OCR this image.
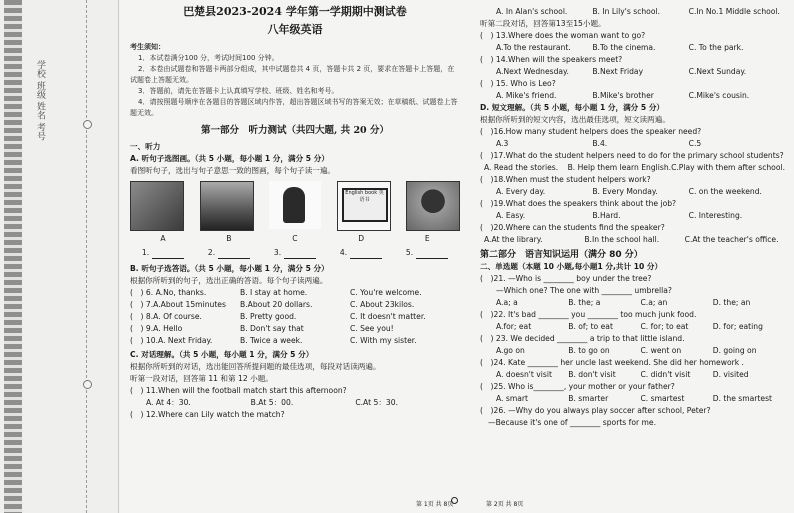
学校 班级 姓名 考号
巴楚县2023-2024 学年第一学期期中测试卷
八年级英语
考生须知：
1．本试卷满分100 分，考试时间100 分钟。
2．本卷由试题卷和答题卡两部分组成，其中试题卷共 4 页，答题卡共 2 页，要求在答题卡上答题，在
试题卷上答题无效。
3．答题前，请先在答题卡上认真填写学校、班级、姓名和考号。
4．请按照题号顺序在各题目的答题区域内作答，超出答题区域书写的答案无效；在草稿纸、试题卷上答
题无效。
第一部分　听力测试（共四大题, 共 20 分）
一、听力
A. 听句子选图画。（共 5 小题，每小题 1 分，满分 5 分）
看图听句子，选出与句子意思一致的图画，每个句子读一遍。
English book 英语书
A	B	C	D	E
1.	2.	3.	4.	5.
B. 听句子选答语。（共 5 小题，每小题 1 分，满分 5 分）
根据你所听到的句子，选出正确的答语。每个句子读两遍。
(　) 6. A.No, thanks.	B. I stay at home.	C. You're welcome.
(　) 7.A.About 15minutes	B.About 20 dollars.	C. About 23kilos.
(　) 8.A. Of course.	B. Pretty good.	C. It doesn't matter.
(　) 9.A. Hello	B. Don't say that	C. See you!
(　) 10.A. Next Friday.	B. Twice a week.	C. With my sister.
C. 对话理解。（共 5 小题，每小题 1 分，满分 5 分）
根据你所听到的对话，选出能回答所提问题的最佳选项，每段对话读两遍。
听第一段对话，回答第 11 和第 12 小题。
(　) 11.When will the football match start this afternoon?
A. At 4：30.	B.At 5：00.	C.At 5：30.
(　) 12.Where can Lily watch the match?
A. In Alan's school.	B. In Lily's school.	C.In No.1 Middle school.
听第二段对话，回答第13至15小题。
(　) 13.Where does the woman want to go?
A.To the restaurant.	B.To the cinema.	C. To the park.
(　) 14.When will the speakers meet?
A.Next Wednesday.	B.Next Friday	C.Next Sunday.
(　) 15. Who is Leo?
A. Mike's friend.	B.Mike's brother	C.Mike's cousin.
D. 短文理解。（共 5 小题，每小题 1 分，满分 5 分）
根据你所听到的短文内容，选出最佳选项，短文读两遍。
(　)16.How many student helpers does the speaker need?
A.3	B.4.	C.5
(　)17.What do the student helpers need to do for the primary school students?
A. Read the stories.	B. Help them learn English. C.Play with them after school.
(　)18.When must the student helpers work?
A. Every day.	B. Every Monday.	C. on the weekend.
(　)19.What does the speakers think about the job?
A. Easy.	B.Hard.	C. Interesting.
(　)20.Where can the students find the speaker?
A.At the library.	B.In the school hall.	C.At the teacher's office.
第二部分　语言知识运用（满分 80 分）
二、单选题（本题 10 小题,每小题1 分,共计 10 分）
(　)21. —Who is ________ boy under the tree?
—Which one? The one with ________ umbrella?
A.a; a	B. the; a	C.a; an	D. the; an
(　)22. It's bad ________ you ________ too much junk food.
A.for; eat	B. of; to eat	C. for; to eat	D. for; eating
(　) 23. We decided ________ a trip to that little island.
A.go on	B. to go on	C. went on	D. going on
(　)24. Kate ________ her uncle last weekend. She did her homework .
A. doesn't visit	B. don't visit	C. didn't visit	D. visited
(　)25. Who is________, your mother or your father?
A. smart	B. smarter	C. smartest	D. the smartest
(　)26. —Why do you always play soccer after school, Peter?
—Because it's one of ________ sports for me.
第 1页 共 8页	第 2页 共 8页
